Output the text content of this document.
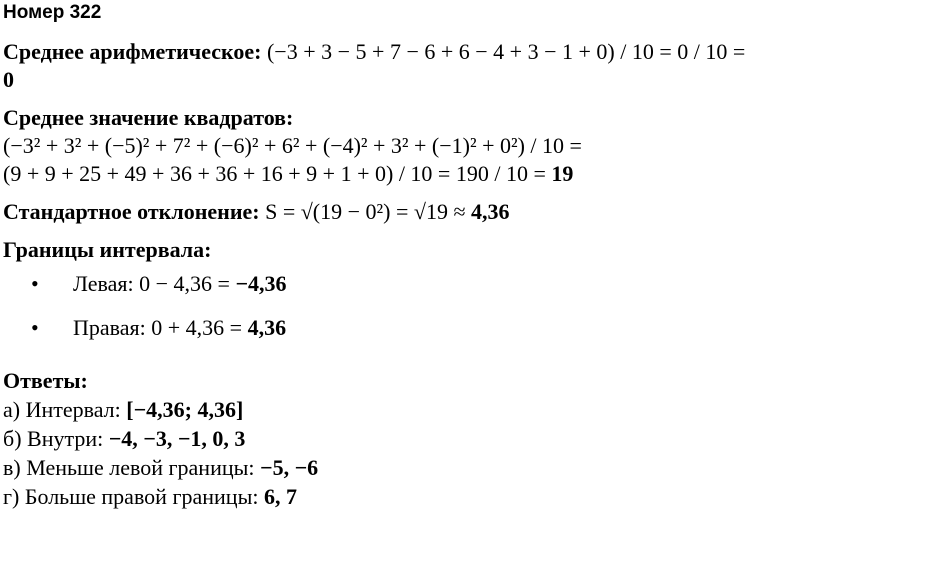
Номер 322
Среднее арифметическое: (−3 + 3 − 5 + 7 − 6 + 6 − 4 + 3 − 1 + 0) / 10 = 0 / 10 =
0
Среднее значение квадратов:
(−3² + 3² + (−5)² + 7² + (−6)² + 6² + (−4)² + 3² + (−1)² + 0²) / 10 =
(9 + 9 + 25 + 49 + 36 + 36 + 16 + 9 + 1 + 0) / 10 = 190 / 10 = 19
Стандартное отклонение: S = √(19 − 0²) = √19 ≈ 4,36
Границы интервала:
• Левая: 0 − 4,36 = −4,36
• Правая: 0 + 4,36 = 4,36
Ответы:
а) Интервал: [−4,36; 4,36]
б) Внутри: −4, −3, −1, 0, 3
в) Меньше левой границы: −5, −6
г) Больше правой границы: 6, 7
